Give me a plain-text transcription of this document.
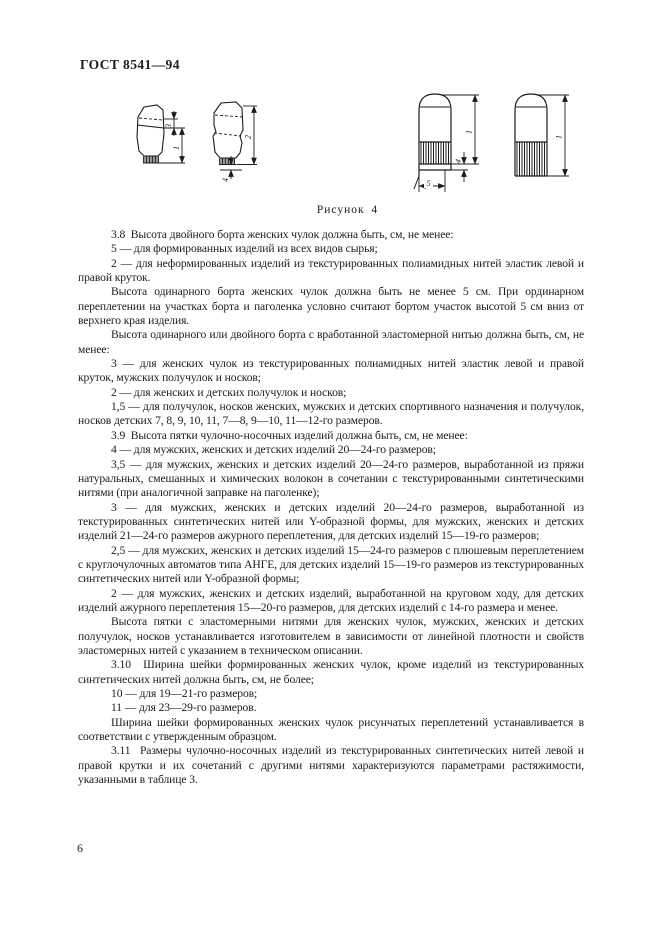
ГОСТ 8541—94
3
1
2
4
1
4
5
1
Рисунок 4

3.8  Высота двойного борта женских чулок должна быть, см, не менее:

5 — для формированных изделий из всех видов сырья;

2 — для неформированных изделий из текстурированных полиамидных нитей эластик левой и правой круток.

Высота одинарного борта женских чулок должна быть не менее 5 см. При ординарном переплетении на участках борта и паголенка условно считают бортом участок высотой 5 см вниз от верхнего края изделия.

Высота одинарного или двойного борта с вработанной эластомерной нитью должна быть, см, не менее:

3 — для женских чулок из текстурированных полиамидных нитей эластик левой и правой круток, мужских получулок и носков;

2 — для женских и детских получулок и носков;

1,5 — для получулок, носков женских, мужских и детских спортивного назначения и получулок, носков детских 7, 8, 9, 10, 11, 7—8, 9—10, 11—12-го размеров.

3.9  Высота пятки чулочно-носочных изделий должна быть, см, не менее:

4 — для мужских, женских и детских изделий 20—24-го размеров;

3,5 — для мужских, женских и детских изделий 20—24-го размеров, выработанной из пряжи натуральных, смешанных и химических волокон в сочетании с текстурированными синтетическими нитями (при аналогичной заправке на паголенке);

3 — для мужских, женских и детских изделий 20—24-го размеров, выработанной из текстурированных синтетических нитей или Y-образной формы, для мужских, женских и детских изделий 21—24-го размеров ажурного переплетения, для детских изделий 15—19-го размеров;

2,5 — для мужских, женских и детских изделий 15—24-го размеров с плюшевым переплетением с круглочулочных автоматов типа АНГЕ, для детских изделий 15—19-го размеров из текстурированных синтетических нитей или Y-образной формы;

2 — для мужских, женских и детских изделий, выработанной на круговом ходу, для детских изделий ажурного переплетения 15—20-го размеров, для детских изделий с 14-го размера и менее.

Высота пятки с эластомерными нитями для женских чулок, мужских, женских и детских получулок, носков устанавливается изготовителем в зависимости от линейной плотности и свойств эластомерных нитей с указанием в техническом описании.

3.10  Ширина шейки формированных женских чулок, кроме изделий из текстурированных синтетических нитей должна быть, см, не более;

10 — для 19—21-го размеров;

11 — для 23—29-го размеров.

Ширина шейки формированных женских чулок рисунчатых переплетений устанавливается в соответствии с утвержденным образцом.

3.11  Размеры чулочно-носочных изделий из текстурированных синтетических нитей левой и правой крутки и их сочетаний с другими нитями характеризуются параметрами растяжимости, указанными в таблице 3.

6
